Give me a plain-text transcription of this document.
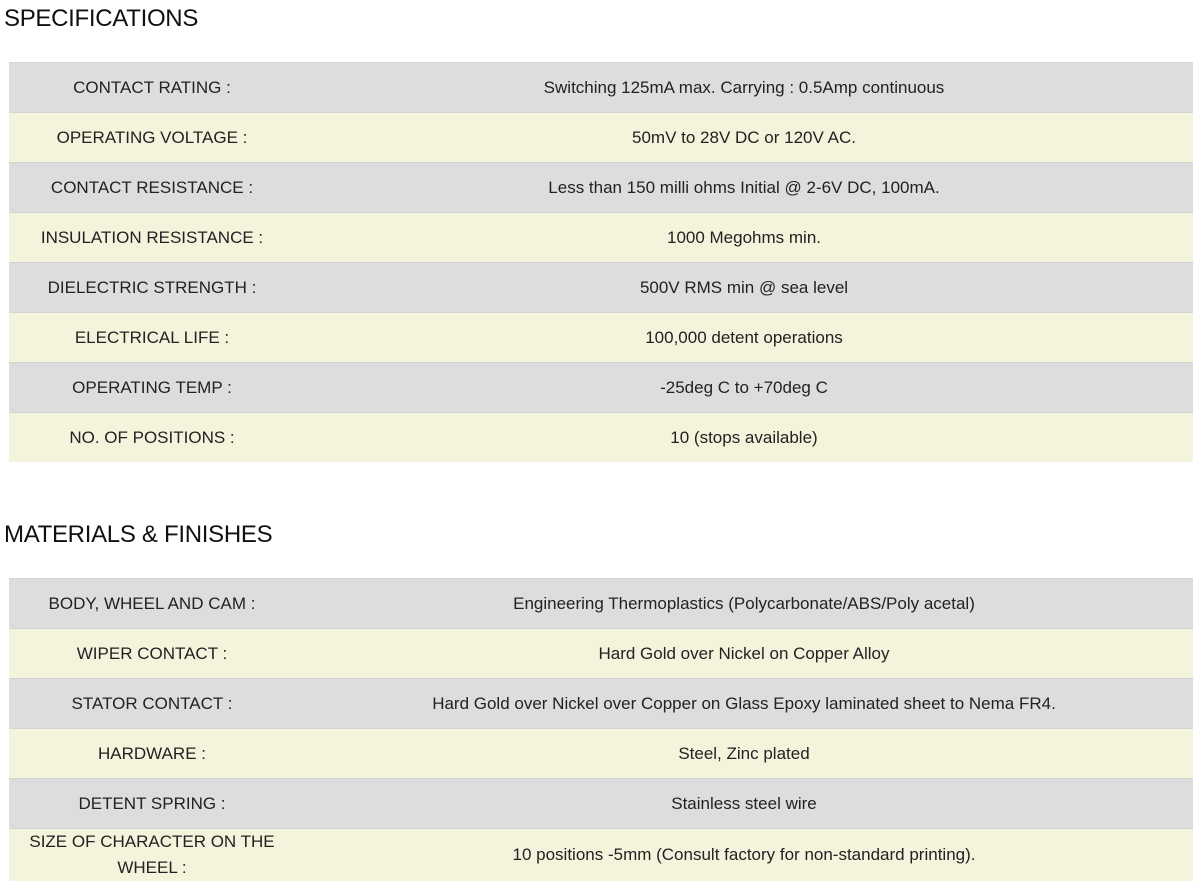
SPECIFICATIONS
CONTACT RATING :	Switching 125mA max. Carrying : 0.5Amp continuous
OPERATING VOLTAGE :	50mV to 28V DC or 120V AC.
CONTACT RESISTANCE :	Less than 150 milli ohms Initial @ 2-6V DC, 100mA.
INSULATION RESISTANCE :	1000 Megohms min.
DIELECTRIC STRENGTH :	500V RMS min @ sea level
ELECTRICAL LIFE :	100,000 detent operations
OPERATING TEMP :	-25deg C to +70deg C
NO. OF POSITIONS :	10 (stops available)
MATERIALS & FINISHES
BODY, WHEEL AND CAM :	Engineering Thermoplastics (Polycarbonate/ABS/Poly acetal)
WIPER CONTACT :	Hard Gold over Nickel on Copper Alloy
STATOR CONTACT :	Hard Gold over Nickel over Copper on Glass Epoxy laminated sheet to Nema FR4.
HARDWARE :	Steel, Zinc plated
DETENT SPRING :	Stainless steel wire
SIZE OF CHARACTER ON THE WHEEL :	10 positions -5mm (Consult factory for non-standard printing).
